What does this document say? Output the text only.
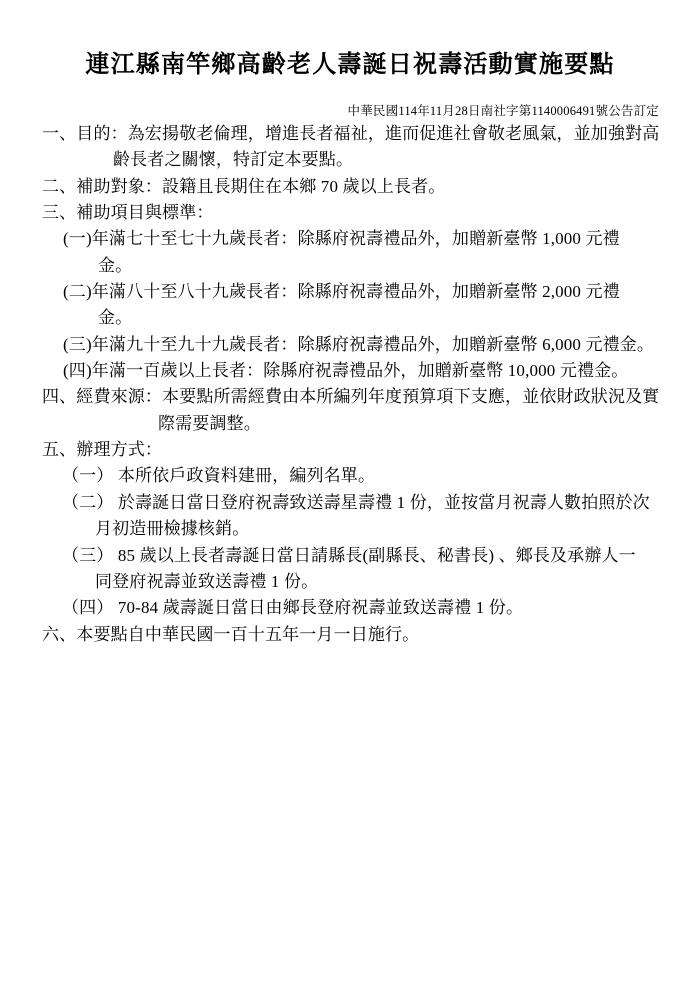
連江縣南竿鄉高齡老人壽誕日祝壽活動實施要點
中華民國114年11月28日南社字第1140006491號公告訂定
一、目的：為宏揚敬老倫理，增進長者福祉，進而促進社會敬老風氣，並加強對高
齡長者之關懷，特訂定本要點。
二、補助對象：設籍且長期住在本鄉 70 歲以上長者。
三、補助項目與標準：
(一)年滿七十至七十九歲長者：除縣府祝壽禮品外，加贈新臺幣 1,000 元禮
金。
(二)年滿八十至八十九歲長者：除縣府祝壽禮品外，加贈新臺幣 2,000 元禮
金。
(三)年滿九十至九十九歲長者：除縣府祝壽禮品外，加贈新臺幣 6,000 元禮金。
(四)年滿一百歲以上長者：除縣府祝壽禮品外，加贈新臺幣 10,000 元禮金。
四、經費來源：本要點所需經費由本所編列年度預算項下支應，並依財政狀況及實
際需要調整。
五、辦理方式：
（一） 本所依戶政資料建冊，編列名單。
（二） 於壽誕日當日登府祝壽致送壽星壽禮 1 份，並按當月祝壽人數拍照於次
月初造冊檢據核銷。
（三） 85 歲以上長者壽誕日當日請縣長(副縣長、秘書長) 、鄉長及承辦人一
同登府祝壽並致送壽禮 1 份。
（四） 70-84 歲壽誕日當日由鄉長登府祝壽並致送壽禮 1 份。
六、本要點自中華民國一百十五年一月一日施行。
